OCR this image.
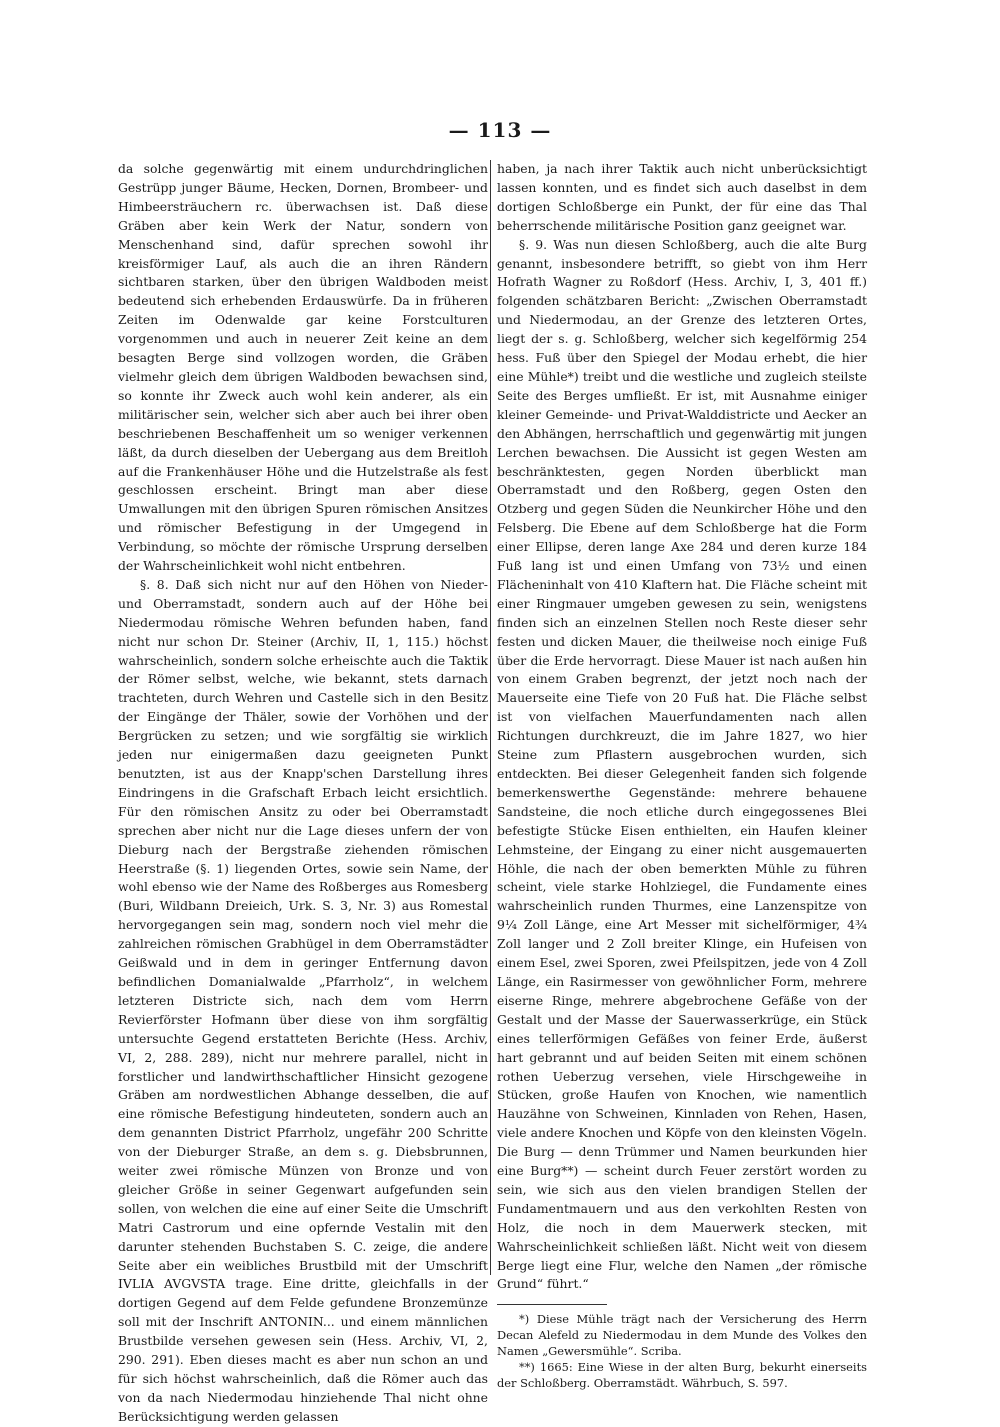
— 113 —

da solche gegenwärtig mit einem undurchdringlichen Gestrüpp junger Bäume, Hecken, Dornen, Brombeer- und Himbeersträuchern rc. überwachsen ist. Daß diese Gräben aber kein Werk der Natur, sondern von Menschenhand sind, dafür sprechen sowohl ihr kreisförmiger Lauf, als auch die an ihren Rändern sichtbaren starken, über den übrigen Waldboden meist bedeutend sich erhebenden Erdauswürfe. Da in früheren Zeiten im Odenwalde gar keine Forstculturen vorgenommen und auch in neuerer Zeit keine an dem besagten Berge sind vollzogen worden, die Gräben vielmehr gleich dem übrigen Waldboden bewachsen sind, so konnte ihr Zweck auch wohl kein anderer, als ein militärischer sein, welcher sich aber auch bei ihrer oben beschriebenen Beschaffenheit um so weniger verkennen läßt, da durch dieselben der Uebergang aus dem Breitloh auf die Frankenhäuser Höhe und die Hutzelstraße als fest geschlossen erscheint. Bringt man aber diese Umwallungen mit den übrigen Spuren römischen Ansitzes und römischer Befestigung in der Umgegend in Verbindung, so möchte der römische Ursprung derselben der Wahrscheinlichkeit wohl nicht entbehren.

§. 8. Daß sich nicht nur auf den Höhen von Nieder- und Oberramstadt, sondern auch auf der Höhe bei Niedermodau römische Wehren befunden haben, fand nicht nur schon Dr. Steiner (Archiv, II, 1, 115.) höchst wahrscheinlich, sondern solche erheischte auch die Taktik der Römer selbst, welche, wie bekannt, stets darnach trachteten, durch Wehren und Castelle sich in den Besitz der Eingänge der Thäler, sowie der Vorhöhen und der Bergrücken zu setzen; und wie sorgfältig sie wirklich jeden nur einigermaßen dazu geeigneten Punkt benutzten, ist aus der Knapp'schen Darstellung ihres Eindringens in die Grafschaft Erbach leicht ersichtlich. Für den römischen Ansitz zu oder bei Oberramstadt sprechen aber nicht nur die Lage dieses unfern der von Dieburg nach der Bergstraße ziehenden römischen Heerstraße (§. 1) liegenden Ortes, sowie sein Name, der wohl ebenso wie der Name des Roßberges aus Romesberg (Buri, Wildbann Dreieich, Urk. S. 3, Nr. 3) aus Romestal hervorgegangen sein mag, sondern noch viel mehr die zahlreichen römischen Grabhügel in dem Oberramstädter Geißwald und in dem in geringer Entfernung davon befindlichen Domanialwalde „Pfarrholz“, in welchem letzteren Districte sich, nach dem vom Herrn Revierförster Hofmann über diese von ihm sorgfältig untersuchte Gegend erstatteten Berichte (Hess. Archiv, VI, 2, 288. 289), nicht nur mehrere parallel, nicht in forstlicher und landwirthschaftlicher Hinsicht gezogene Gräben am nordwestlichen Abhange desselben, die auf eine römische Befestigung hindeuteten, sondern auch an dem genannten District Pfarrholz, ungefähr 200 Schritte von der Dieburger Straße, an dem s. g. Diebsbrunnen, weiter zwei römische Münzen von Bronze und von gleicher Größe in seiner Gegenwart aufgefunden sein sollen, von welchen die eine auf einer Seite die Umschrift Matri Castrorum und eine opfernde Vestalin mit den darunter stehenden Buchstaben S. C. zeige, die andere Seite aber ein weibliches Brustbild mit der Umschrift IVLIA AVGVSTA trage. Eine dritte, gleichfalls in der dortigen Gegend auf dem Felde gefundene Bronzemünze soll mit der Inschrift ANTONIN... und einem männlichen Brustbilde versehen gewesen sein (Hess. Archiv, VI, 2, 290. 291). Eben dieses macht es aber nun schon an und für sich höchst wahrscheinlich, daß die Römer auch das von da nach Niedermodau hinziehende Thal nicht ohne Berücksichtigung werden gelassen

haben, ja nach ihrer Taktik auch nicht unberücksichtigt lassen konnten, und es findet sich auch daselbst in dem dortigen Schloßberge ein Punkt, der für eine das Thal beherrschende militärische Position ganz geeignet war.

§. 9. Was nun diesen Schloßberg, auch die alte Burg genannt, insbesondere betrifft, so giebt von ihm Herr Hofrath Wagner zu Roßdorf (Hess. Archiv, I, 3, 401 ff.) folgenden schätzbaren Bericht: „Zwischen Oberramstadt und Niedermodau, an der Grenze des letzteren Ortes, liegt der s. g. Schloßberg, welcher sich kegelförmig 254 hess. Fuß über den Spiegel der Modau erhebt, die hier eine Mühle*) treibt und die westliche und zugleich steilste Seite des Berges umfließt. Er ist, mit Ausnahme einiger kleiner Gemeinde- und Privat-Walddistricte und Aecker an den Abhängen, herrschaftlich und gegenwärtig mit jungen Lerchen bewachsen. Die Aussicht ist gegen Westen am beschränktesten, gegen Norden überblickt man Oberramstadt und den Roßberg, gegen Osten den Otzberg und gegen Süden die Neunkircher Höhe und den Felsberg. Die Ebene auf dem Schloßberge hat die Form einer Ellipse, deren lange Axe 284 und deren kurze 184 Fuß lang ist und einen Umfang von 73½ und einen Flächeninhalt von 410 Klaftern hat. Die Fläche scheint mit einer Ringmauer umgeben gewesen zu sein, wenigstens finden sich an einzelnen Stellen noch Reste dieser sehr festen und dicken Mauer, die theilweise noch einige Fuß über die Erde hervorragt. Diese Mauer ist nach außen hin von einem Graben begrenzt, der jetzt noch nach der Mauerseite eine Tiefe von 20 Fuß hat. Die Fläche selbst ist von vielfachen Mauerfundamenten nach allen Richtungen durchkreuzt, die im Jahre 1827, wo hier Steine zum Pflastern ausgebrochen wurden, sich entdeckten. Bei dieser Gelegenheit fanden sich folgende bemerkenswerthe Gegenstände: mehrere behauene Sandsteine, die noch etliche durch eingegossenes Blei befestigte Stücke Eisen enthielten, ein Haufen kleiner Lehmsteine, der Eingang zu einer nicht ausgemauerten Höhle, die nach der oben bemerkten Mühle zu führen scheint, viele starke Hohlziegel, die Fundamente eines wahrscheinlich runden Thurmes, eine Lanzenspitze von 9¼ Zoll Länge, eine Art Messer mit sichelförmiger, 4¾ Zoll langer und 2 Zoll breiter Klinge, ein Hufeisen von einem Esel, zwei Sporen, zwei Pfeilspitzen, jede von 4 Zoll Länge, ein Rasirmesser von gewöhnlicher Form, mehrere eiserne Ringe, mehrere abgebrochene Gefäße von der Gestalt und der Masse der Sauerwasserkrüge, ein Stück eines tellerförmigen Gefäßes von feiner Erde, äußerst hart gebrannt und auf beiden Seiten mit einem schönen rothen Ueberzug versehen, viele Hirschgeweihe in Stücken, große Haufen von Knochen, wie namentlich Hauzähne von Schweinen, Kinnladen von Rehen, Hasen, viele andere Knochen und Köpfe von den kleinsten Vögeln. Die Burg — denn Trümmer und Namen beurkunden hier eine Burg**) — scheint durch Feuer zerstört worden zu sein, wie sich aus den vielen brandigen Stellen der Fundamentmauern und aus den verkohlten Resten von Holz, die noch in dem Mauerwerk stecken, mit Wahrscheinlichkeit schließen läßt. Nicht weit von diesem Berge liegt eine Flur, welche den Namen „der römische Grund“ führt.“

*) Diese Mühle trägt nach der Versicherung des Herrn Decan Alefeld zu Niedermodau in dem Munde des Volkes den Namen „Gewersmühle“. Scriba.

**) 1665: Eine Wiese in der alten Burg, bekurht einerseits der Schloßberg. Oberramstädt. Währbuch, S. 597.
